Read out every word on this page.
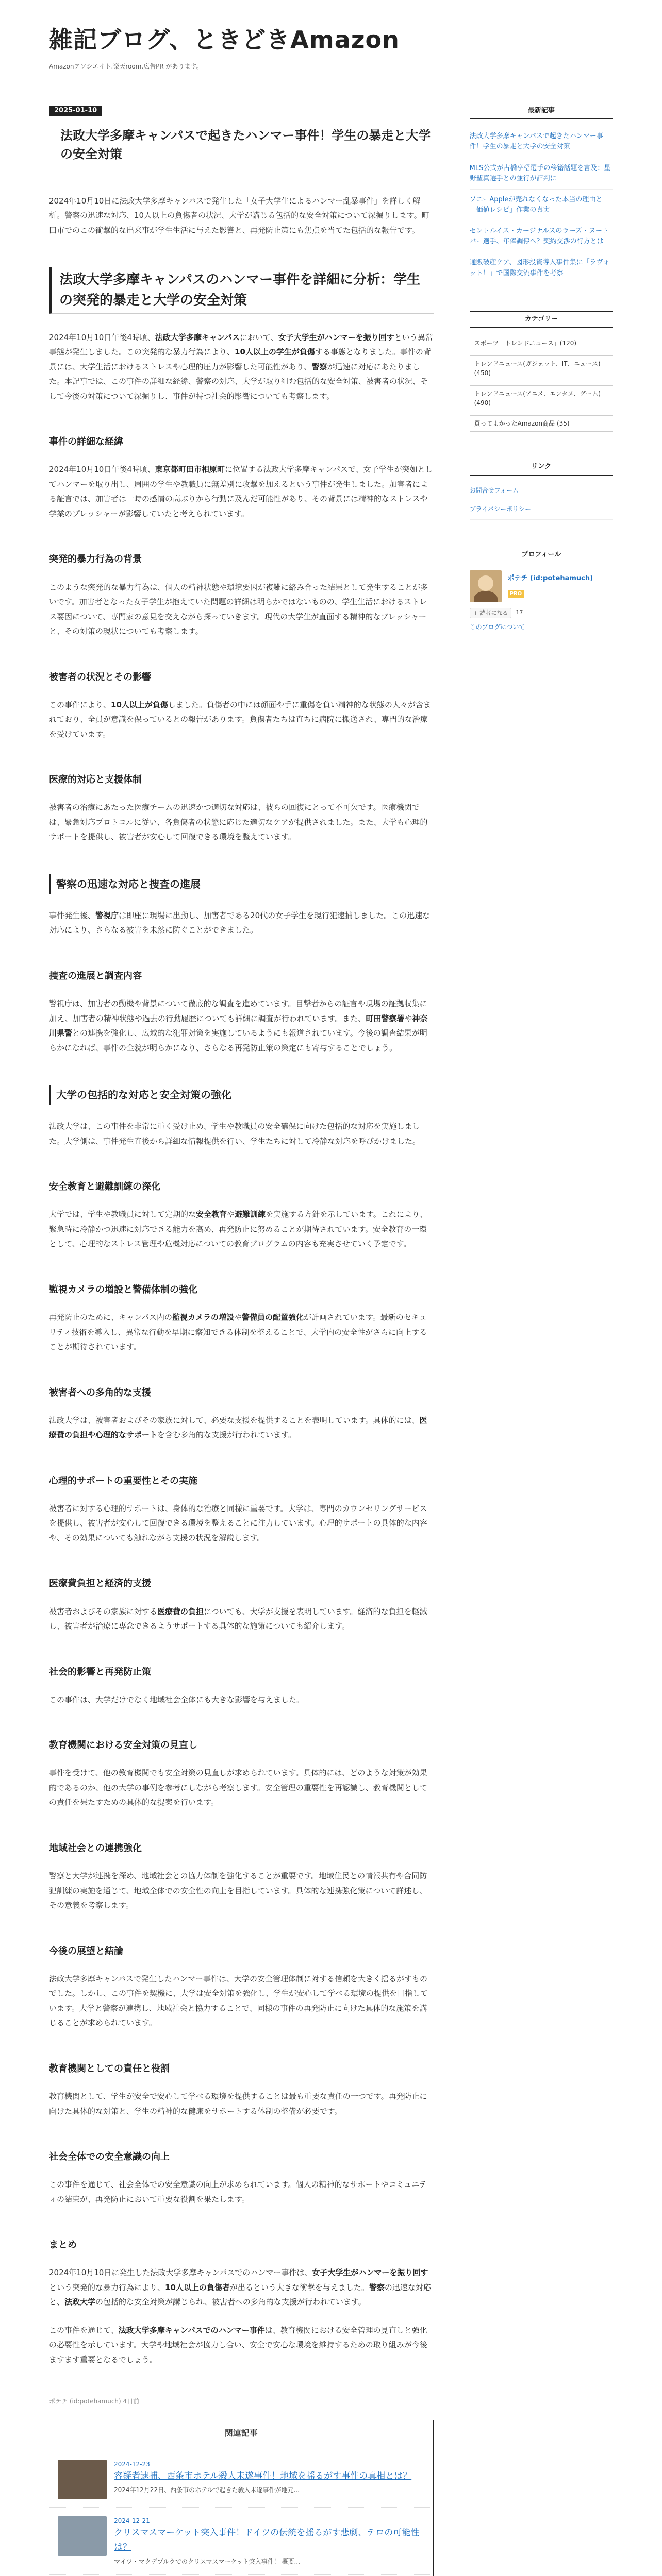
雑記ブログ、ときどきAmazon
Amazonアソシエイト.楽天room.広告PR があります。
2025-01-10
法政大学多摩キャンパスで起きたハンマー事件！学生の暴走と大学の安全対策

2024年10月10日に法政大学多摩キャンパスで発生した「女子大学生によるハンマー乱暴事件」を詳しく解析。警察の迅速な対応、10人以上の負傷者の状況、大学が講じる包括的な安全対策について深掘りします。町田市でのこの衝撃的な出来事が学生生活に与えた影響と、再発防止策にも焦点を当てた包括的な報告です。

法政大学多摩キャンパスのハンマー事件を詳細に分析：学生の突発的暴走と大学の安全対策

2024年10月10日午後4時頃、法政大学多摩キャンパスにおいて、女子大学生がハンマーを振り回すという異常事態が発生しました。この突発的な暴力行為により、10人以上の学生が負傷する事態となりました。事件の背景には、大学生活におけるストレスや心理的圧力が影響した可能性があり、警察が迅速に対応にあたりました。本記事では、この事件の詳細な経緯、警察の対応、大学が取り組む包括的な安全対策、被害者の状況、そして今後の対策について深掘りし、事件が持つ社会的影響についても考察します。

事件の詳細な経緯

2024年10月10日午後4時頃、東京都町田市相原町に位置する法政大学多摩キャンパスで、女子学生が突如としてハンマーを取り出し、周囲の学生や教職員に無差別に攻撃を加えるという事件が発生しました。加害者による証言では、加害者は一時の感情の高ぶりから行動に及んだ可能性があり、その背景には精神的なストレスや学業のプレッシャーが影響していたと考えられています。

突発的暴力行為の背景

このような突発的な暴力行為は、個人の精神状態や環境要因が複雑に絡み合った結果として発生することが多いです。加害者となった女子学生が抱えていた問題の詳細は明らかではないものの、学生生活におけるストレス要因について、専門家の意見を交えながら探っていきます。現代の大学生が直面する精神的なプレッシャーと、その対策の現状についても考察します。

被害者の状況とその影響

この事件により、10人以上が負傷しました。負傷者の中には顔面や手に重傷を負い精神的な状態の人々が含まれており、全員が意識を保っているとの報告があります。負傷者たちは直ちに病院に搬送され、専門的な治療を受けています。

医療的対応と支援体制

被害者の治療にあたった医療チームの迅速かつ適切な対応は、彼らの回復にとって不可欠です。医療機関では、緊急対応プロトコルに従い、各負傷者の状態に応じた適切なケアが提供されました。また、大学も心理的サポートを提供し、被害者が安心して回復できる環境を整えています。

警察の迅速な対応と捜査の進展

事件発生後、警視庁は即座に現場に出動し、加害者である20代の女子学生を現行犯逮捕しました。この迅速な対応により、さらなる被害を未然に防ぐことができました。

捜査の進展と調査内容

警視庁は、加害者の動機や背景について徹底的な調査を進めています。目撃者からの証言や現場の証拠収集に加え、加害者の精神状態や過去の行動履歴についても詳細に調査が行われています。また、町田警察署や神奈川県警との連携を強化し、広域的な犯罪対策を実施しているようにも報道されています。今後の調査結果が明らかになれば、事件の全貌が明らかになり、さらなる再発防止策の策定にも寄与することでしょう。

大学の包括的な対応と安全対策の強化

法政大学は、この事件を非常に重く受け止め、学生や教職員の安全確保に向けた包括的な対応を実施しました。大学側は、事件発生直後から詳細な情報提供を行い、学生たちに対して冷静な対応を呼びかけました。

安全教育と避難訓練の深化

大学では、学生や教職員に対して定期的な安全教育や避難訓練を実施する方針を示しています。これにより、緊急時に冷静かつ迅速に対応できる能力を高め、再発防止に努めることが期待されています。安全教育の一環として、心理的なストレス管理や危機対応についての教育プログラムの内容も充実させていく予定です。

監視カメラの増設と警備体制の強化

再発防止のために、キャンパス内の監視カメラの増設や警備員の配置強化が計画されています。最新のセキュリティ技術を導入し、異常な行動を早期に察知できる体制を整えることで、大学内の安全性がさらに向上することが期待されています。

被害者への多角的な支援

法政大学は、被害者およびその家族に対して、必要な支援を提供することを表明しています。具体的には、医療費の負担や心理的なサポートを含む多角的な支援が行われています。

心理的サポートの重要性とその実施

被害者に対する心理的サポートは、身体的な治療と同様に重要です。大学は、専門のカウンセリングサービスを提供し、被害者が安心して回復できる環境を整えることに注力しています。心理的サポートの具体的な内容や、その効果についても触れながら支援の状況を解説します。

医療費負担と経済的支援

被害者およびその家族に対する医療費の負担についても、大学が支援を表明しています。経済的な負担を軽減し、被害者が治療に専念できるようサポートする具体的な施策についても紹介します。

社会的影響と再発防止策

この事件は、大学だけでなく地域社会全体にも大きな影響を与えました。

教育機関における安全対策の見直し

事件を受けて、他の教育機関でも安全対策の見直しが求められています。具体的には、どのような対策が効果的であるのか、他の大学の事例を参考にしながら考察します。安全管理の重要性を再認識し、教育機関としての責任を果たすための具体的な提案を行います。

地域社会との連携強化

警察と大学が連携を深め、地域社会との協力体制を強化することが重要です。地域住民との情報共有や合同防犯訓練の実施を通じて、地域全体での安全性の向上を目指しています。具体的な連携強化策について詳述し、その意義を考察します。

今後の展望と結論

法政大学多摩キャンパスで発生したハンマー事件は、大学の安全管理体制に対する信頼を大きく揺るがすものでした。しかし、この事件を契機に、大学は安全対策を強化し、学生が安心して学べる環境の提供を目指しています。大学と警察が連携し、地域社会と協力することで、同様の事件の再発防止に向けた具体的な施策を講じることが求められています。

教育機関としての責任と役割

教育機関として、学生が安全で安心して学べる環境を提供することは最も重要な責任の一つです。再発防止に向けた具体的な対策と、学生の精神的な健康をサポートする体制の整備が必要です。

社会全体での安全意識の向上

この事件を通じて、社会全体での安全意識の向上が求められています。個人の精神的なサポートやコミュニティの結束が、再発防止において重要な役割を果たします。

まとめ

2024年10月10日に発生した法政大学多摩キャンパスでのハンマー事件は、女子大学生がハンマーを振り回すという突発的な暴力行為により、10人以上の負傷者が出るという大きな衝撃を与えました。警察の迅速な対応と、法政大学の包括的な安全対策が講じられ、被害者への多角的な支援が行われています。

この事件を通じて、法政大学多摩キャンパスでのハンマー事件は、教育機関における安全管理の見直しと強化の必要性を示しています。大学や地域社会が協力し合い、安全で安心な環境を維持するための取り組みが今後ますます重要となるでしょう。

ポテチ (id:potehamuch) 4日前
関連記事
2024-12-23
容疑者逮捕、西条市ホテル殺人未遂事件！地域を揺るがす事件の真相とは？
2024年12月22日、西条市のホテルで起きた殺人未遂事件が地元...
2024-12-21
クリスマスマーケット突入事件！ドイツの伝統を揺るがす悲劇、テロの可能性は？
マイツ・マクデブルクでのクリスマスマーケット突入事件！ 概要...
最新記事
法政大学多摩キャンパスで起きたハンマー事件！学生の暴走と大学の安全対策
MLS公式が古橋亨梧選手の移籍話題を言及：星野聖真選手との並行が評判に
ソニーAppleが売れなくなった本当の理由と「価値レシピ」作業の真実
セントルイス・カージナルスのラーズ・ヌートバー選手、年俸調停へ？契約交渉の行方とは
通販破産ケア、図形投資導入事件集に「ラヴォット！」で国際交流事件を考察
カテゴリー
スポーツ「トレンドニュース」(120)
トレンドニュース(ガジェット、IT、ニュース) (450)
トレンドニュース(アニメ、エンタメ、ゲーム) (490)
買ってよかったAmazon商品 (35)
リンク
お問合せフォーム
プライバシーポリシー
プロフィール
ポテチ (id:potehamuch)
PRO
+ 読者になる	17
このブログについて
